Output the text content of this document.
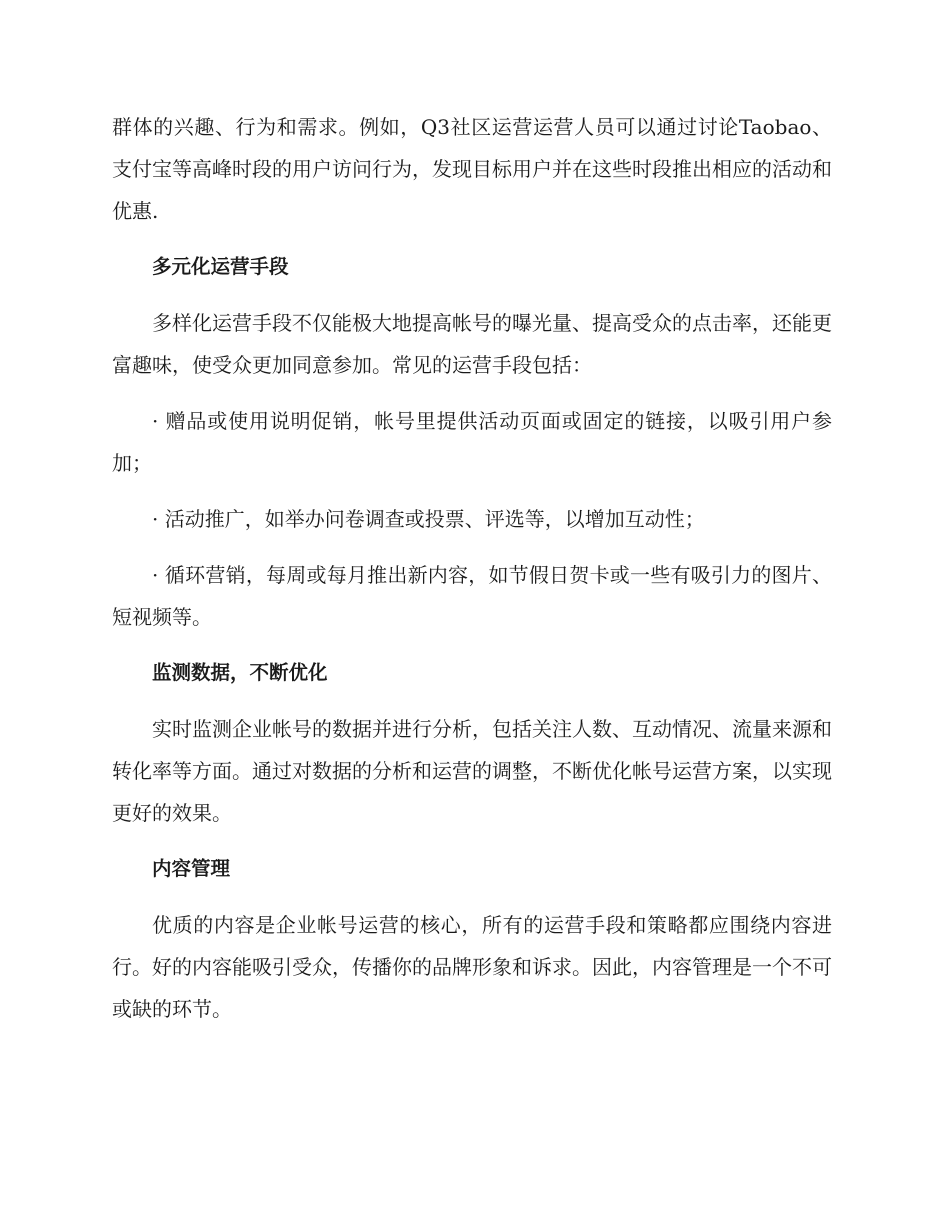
群体的兴趣、行为和需求。例如，Q3社区运营运营人员可以通过讨论Taobao、支付宝等高峰时段的用户访问行为，发现目标用户并在这些时段推出相应的活动和优惠.

多元化运营手段

多样化运营手段不仅能极大地提高帐号的曝光量、提高受众的点击率，还能更富趣味，使受众更加同意参加。常见的运营手段包括：

· 赠品或使用说明促销，帐号里提供活动页面或固定的链接，以吸引用户参加；

· 活动推广，如举办问卷调查或投票、评选等，以增加互动性；

· 循环营销，每周或每月推出新内容，如节假日贺卡或一些有吸引力的图片、短视频等。

监测数据，不断优化

实时监测企业帐号的数据并进行分析，包括关注人数、互动情况、流量来源和转化率等方面。通过对数据的分析和运营的调整，不断优化帐号运营方案，以实现更好的效果。

内容管理

优质的内容是企业帐号运营的核心，所有的运营手段和策略都应围绕内容进行。好的内容能吸引受众，传播你的品牌形象和诉求。因此，内容管理是一个不可或缺的环节。
